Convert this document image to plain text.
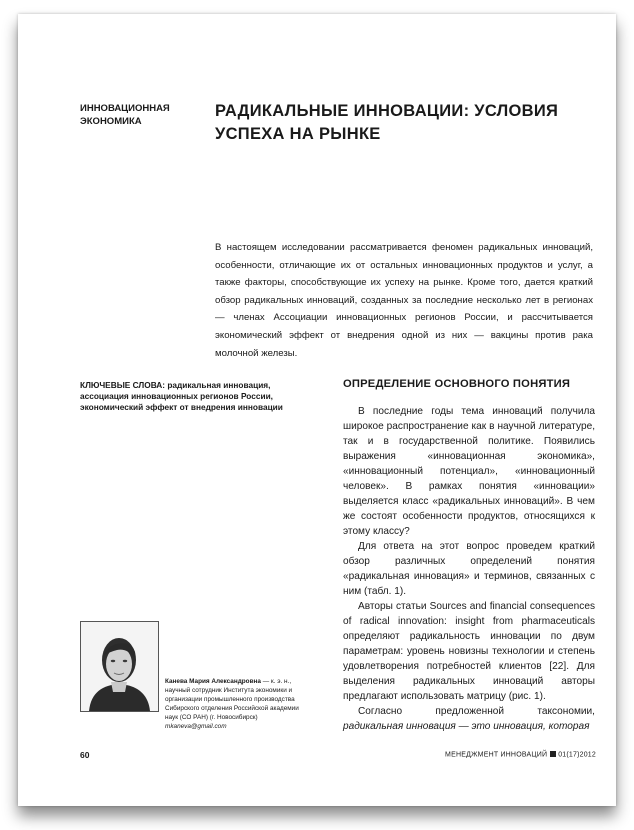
ИННОВАЦИОННАЯ
ЭКОНОМИКА
РАДИКАЛЬНЫЕ ИННОВАЦИИ: УСЛОВИЯ
УСПЕХА НА РЫНКЕ
В настоящем исследовании рассматривается феномен радикальных инноваций, особенности, отличающие их от остальных инновационных продуктов и услуг, а также факторы, способствующие их успеху на рынке. Кроме того, дается краткий обзор радикальных инноваций, созданных за последние несколько лет в регионах — членах Ассоциации инновационных регионов России, и рассчитывается экономический эффект от внедрения одной из них — вакцины против рака молочной железы.
КЛЮЧЕВЫЕ СЛОВА: радикальная инновация, ассоциация инновационных регионов России, экономический эффект от внедрения инновации
ОПРЕДЕЛЕНИЕ ОСНОВНОГО ПОНЯТИЯ

В последние годы тема инноваций получила широкое распространение как в научной литературе, так и в государственной политике. Появились выражения «инновационная экономика», «инновационный потенциал», «инновационный человек». В рамках понятия «инновации» выделяется класс «радикальных инноваций». В чем же состоят особенности продуктов, относящихся к этому классу?

Для ответа на этот вопрос проведем краткий обзор различных определений понятия «радикальная инновация» и терминов, связанных с ним (табл. 1).

Авторы статьи Sources and financial consequences of radical innovation: insight from pharmaceuticals определяют радикальность инновации по двум параметрам: уровень новизны технологии и степень удовлетворения потребностей клиентов [22]. Для выделения радикальных инноваций авторы предлагают использовать матрицу (рис. 1).

Согласно предложенной таксономии, радикальная инновация — это инновация, которая

Канева Мария Александровна — к. э. н., научный сотрудник Института экономики и организации промышленного производства Сибирского отделения Российской академии наук (СО РАН) (г. Новосибирск)
mkaneva@gmail.com
60	МЕНЕДЖМЕНТ ИННОВАЦИЙ 01(17)2012
